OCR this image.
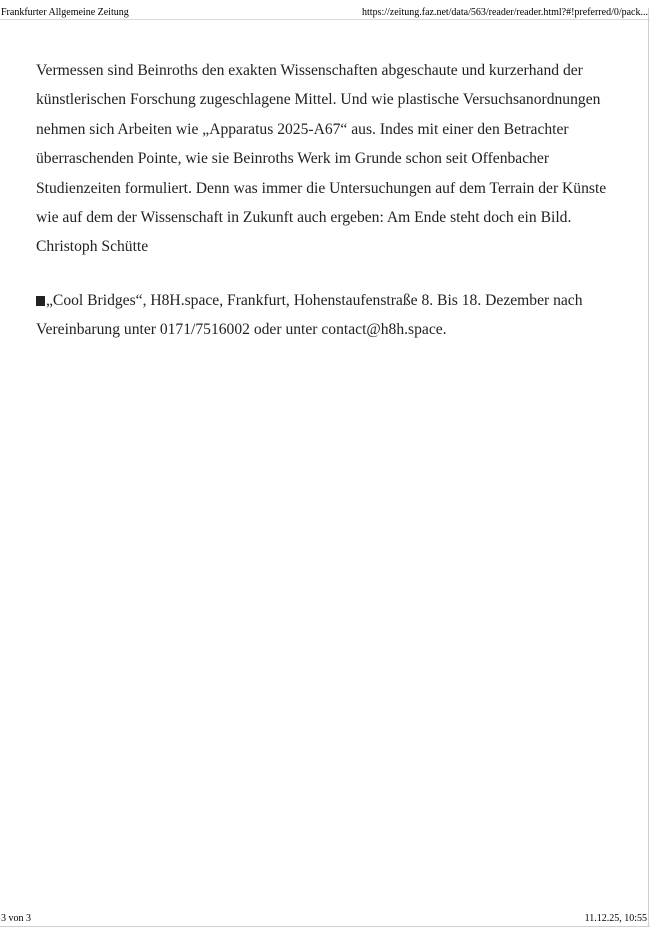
Frankfurter Allgemeine Zeitung	https://zeitung.faz.net/data/563/reader/reader.html?#!preferred/0/pack...

Vermessen sind Beinroths den exakten Wissenschaften abgeschaute und kurzerhand der künstlerischen Forschung zugeschlagene Mittel. Und wie plastische Versuchsanordnungen nehmen sich Arbeiten wie „Apparatus 2025-A67“ aus. Indes mit einer den Betrachter überraschenden Pointe, wie sie Beinroths Werk im Grunde schon seit Offenbacher Studienzeiten formuliert. Denn was immer die Untersuchungen auf dem Terrain der Künste wie auf dem der Wissenschaft in Zukunft auch ergeben: Am Ende steht doch ein Bild. Christoph Schütte

„Cool Bridges“, H8H.space, Frankfurt, Hohenstaufenstraße 8. Bis 18. Dezember nach Vereinbarung unter 0171/7516002 oder unter contact@h8h.space.

3 von 3	11.12.25, 10:55
